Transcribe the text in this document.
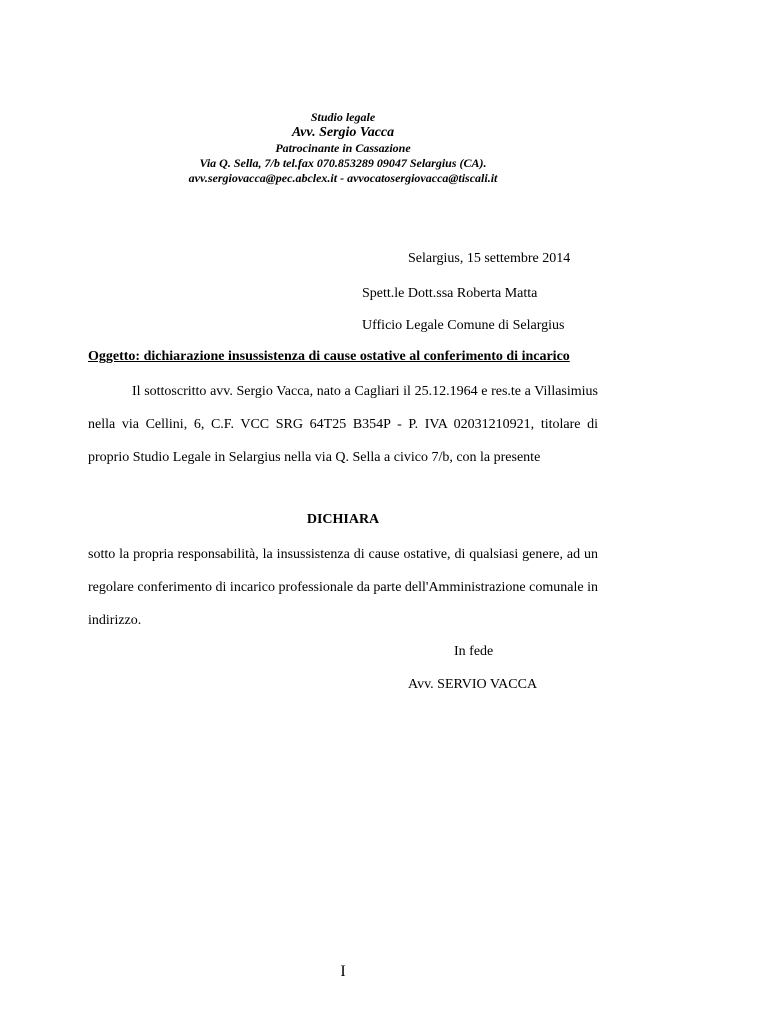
Studio legale
Avv. Sergio Vacca
Patrocinante in Cassazione
Via Q. Sella, 7/b tel.fax 070.853289 09047 Selargius (CA).
avv.sergiovacca@pec.abclex.it - avvocatosergiovacca@tiscali.it
Selargius, 15 settembre 2014
Spett.le Dott.ssa Roberta Matta
Ufficio Legale Comune di Selargius
Oggetto: dichiarazione insussistenza di cause ostative al conferimento di incarico

Il sottoscritto avv. Sergio Vacca, nato a Cagliari il 25.12.1964 e res.te a Villasimius nella via Cellini, 6, C.F. VCC SRG 64T25 B354P - P. IVA 02031210921, titolare di proprio Studio Legale in Selargius nella via Q. Sella a civico 7/b, con la presente

DICHIARA

sotto la propria responsabilità, la insussistenza di cause ostative, di qualsiasi genere, ad un regolare conferimento di incarico professionale da parte dell'Amministrazione comunale in indirizzo.

In fede
Avv. SERVIO VACCA
I
